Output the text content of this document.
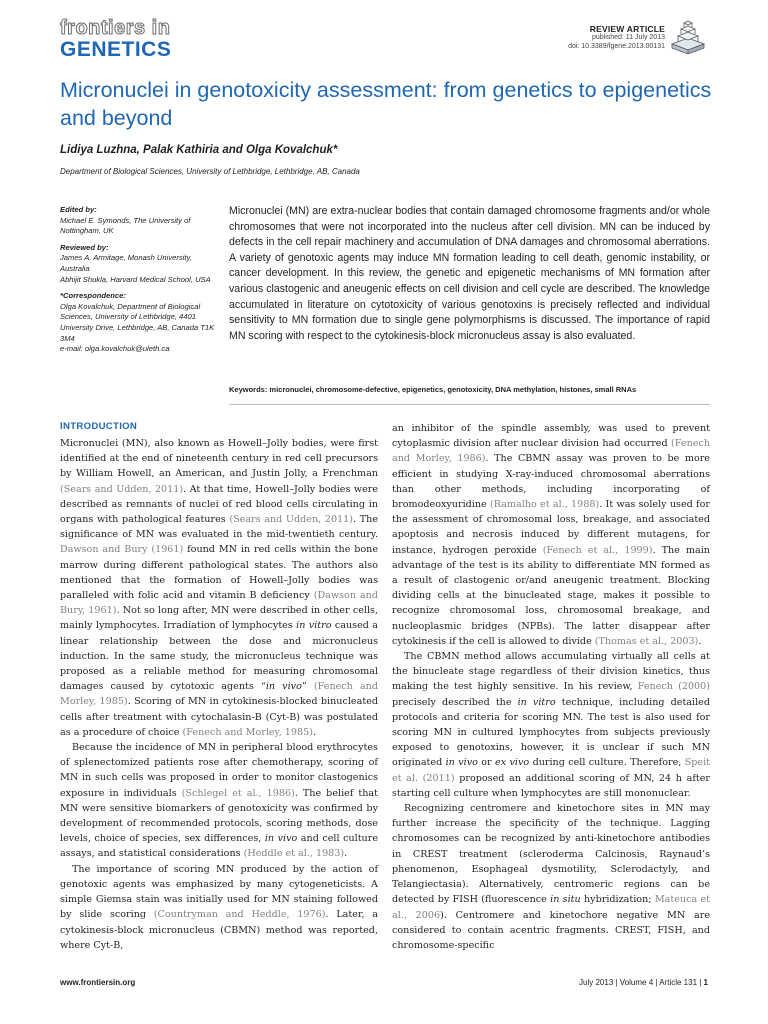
frontiers in
GENETICS
REVIEW ARTICLE
published: 11 July 2013
doi: 10.3389/fgene.2013.00131
Micronuclei in genotoxicity assessment: from genetics to epigenetics and beyond
Lidiya Luzhna, Palak Kathiria and Olga Kovalchuk*
Department of Biological Sciences, University of Lethbridge, Lethbridge, AB, Canada
Edited by:
Michael E. Symonds, The University of Nottingham, UK
Reviewed by:
James A. Armitage, Monash University, Australia
Abhijit Shukla, Harvard Medical School, USA
*Correspondence:
Olga Kovalchuk, Department of Biological Sciences, University of Lethbridge, 4401 University Drive, Lethbridge, AB, Canada T1K 3M4
e-mail: olga.kovalchuk@uleth.ca

Micronuclei (MN) are extra-nuclear bodies that contain damaged chromosome fragments and/or whole chromosomes that were not incorporated into the nucleus after cell division. MN can be induced by defects in the cell repair machinery and accumulation of DNA damages and chromosomal aberrations. A variety of genotoxic agents may induce MN formation leading to cell death, genomic instability, or cancer development. In this review, the genetic and epigenetic mechanisms of MN formation after various clastogenic and aneugenic effects on cell division and cell cycle are described. The knowledge accumulated in literature on cytotoxicity of various genotoxins is precisely reflected and individual sensitivity to MN formation due to single gene polymorphisms is discussed. The importance of rapid MN scoring with respect to the cytokinesis-block micronucleus assay is also evaluated.

Keywords: micronuclei, chromosome-defective, epigenetics, genotoxicity, DNA methylation, histones, small RNAs
INTRODUCTION

Micronuclei (MN), also known as Howell–Jolly bodies, were first identified at the end of nineteenth century in red cell precursors by William Howell, an American, and Justin Jolly, a Frenchman (Sears and Udden, 2011). At that time, Howell–Jolly bodies were described as remnants of nuclei of red blood cells circulating in organs with pathological features (Sears and Udden, 2011). The significance of MN was evaluated in the mid-twentieth century. Dawson and Bury (1961) found MN in red cells within the bone marrow during different pathological states. The authors also mentioned that the formation of Howell–Jolly bodies was paralleled with folic acid and vitamin B deficiency (Dawson and Bury, 1961). Not so long after, MN were described in other cells, mainly lymphocytes. Irradiation of lymphocytes in vitro caused a linear relationship between the dose and micronucleus induction. In the same study, the micronucleus technique was proposed as a reliable method for measuring chromosomal damages caused by cytotoxic agents “in vivo” (Fenech and Morley, 1985). Scoring of MN in cytokinesis-blocked binucleated cells after treatment with cytochalasin-B (Cyt-B) was postulated as a procedure of choice (Fenech and Morley, 1985).

Because the incidence of MN in peripheral blood erythrocytes of splenectomized patients rose after chemotherapy, scoring of MN in such cells was proposed in order to monitor clastogenics exposure in individuals (Schlegel et al., 1986). The belief that MN were sensitive biomarkers of genotoxicity was confirmed by development of recommended protocols, scoring methods, dose levels, choice of species, sex differences, in vivo and cell culture assays, and statistical considerations (Heddle et al., 1983).

The importance of scoring MN produced by the action of genotoxic agents was emphasized by many cytogeneticists. A simple Giemsa stain was initially used for MN staining followed by slide scoring (Countryman and Heddle, 1976). Later, a cytokinesis-block micronucleus (CBMN) method was reported, where Cyt-B,

an inhibitor of the spindle assembly, was used to prevent cytoplasmic division after nuclear division had occurred (Fenech and Morley, 1986). The CBMN assay was proven to be more efficient in studying X-ray-induced chromosomal aberrations than other methods, including incorporating of bromodeoxyuridine (Ramalho et al., 1988). It was solely used for the assessment of chromosomal loss, breakage, and associated apoptosis and necrosis induced by different mutagens, for instance, hydrogen peroxide (Fenech et al., 1999). The main advantage of the test is its ability to differentiate MN formed as a result of clastogenic or/and aneugenic treatment. Blocking dividing cells at the binucleated stage, makes it possible to recognize chromosomal loss, chromosomal breakage, and nucleoplasmic bridges (NPBs). The latter disappear after cytokinesis if the cell is allowed to divide (Thomas et al., 2003).

The CBMN method allows accumulating virtually all cells at the binucleate stage regardless of their division kinetics, thus making the test highly sensitive. In his review, Fenech (2000) precisely described the in vitro technique, including detailed protocols and criteria for scoring MN. The test is also used for scoring MN in cultured lymphocytes from subjects previously exposed to genotoxins, however, it is unclear if such MN originated in vivo or ex vivo during cell culture. Therefore, Speit et al. (2011) proposed an additional scoring of MN, 24 h after starting cell culture when lymphocytes are still mononuclear.

Recognizing centromere and kinetochore sites in MN may further increase the specificity of the technique. Lagging chromosomes can be recognized by anti-kinetochore antibodies in CREST treatment (scleroderma Calcinosis, Raynaud’s phenomenon, Esophageal dysmotility, Sclerodactyly, and Telangiectasia). Alternatively, centromeric regions can be detected by FISH (fluorescence in situ hybridization; Mateuca et al., 2006). Centromere and kinetochore negative MN are considered to contain acentric fragments. CREST, FISH, and chromosome-specific

www.frontiersin.org	July 2013 | Volume 4 | Article 131 | 1
